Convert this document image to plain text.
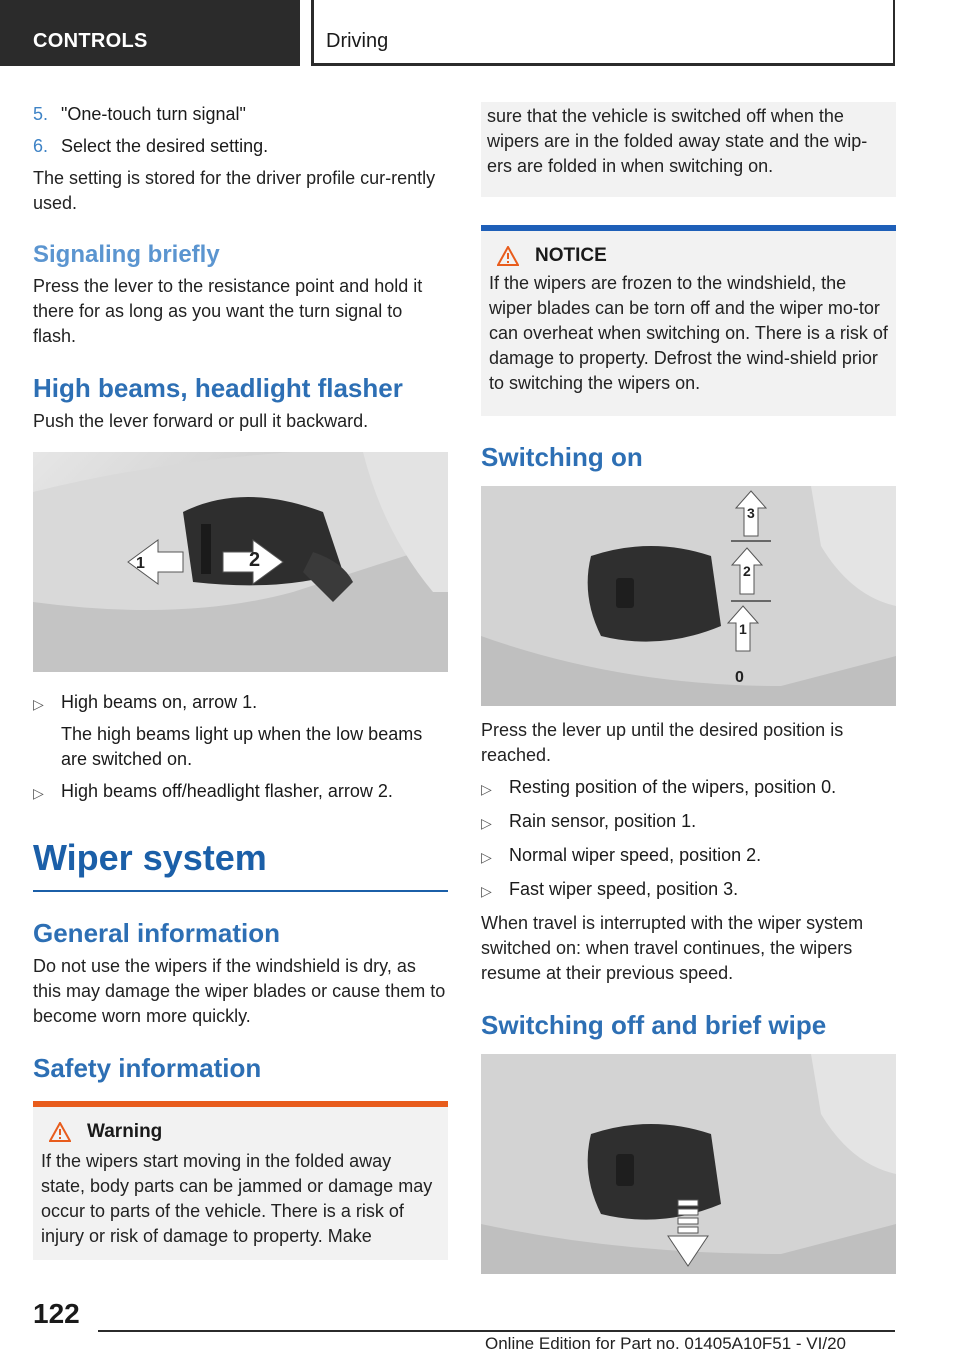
CONTROLS	Driving
5. "One-touch turn signal"
6. Select the desired setting.

The setting is stored for the driver profile cur-rently used.

Signaling briefly

Press the lever to the resistance point and hold it there for as long as you want the turn signal to flash.

High beams, headlight flasher

Push the lever forward or pull it backward.

1	2
▷ High beams on, arrow 1.
The high beams light up when the low beams are switched on.
▷ High beams off/headlight flasher, arrow 2.
Wiper system
General information

Do not use the wipers if the windshield is dry, as this may damage the wiper blades or cause them to become worn more quickly.

Safety information
Warning

If the wipers start moving in the folded away state, body parts can be jammed or damage may occur to parts of the vehicle. There is a risk of injury or risk of damage to property. Make

sure that the vehicle is switched off when the wipers are in the folded away state and the wip-ers are folded in when switching on.

NOTICE

If the wipers are frozen to the windshield, the wiper blades can be torn off and the wiper mo-tor can overheat when switching on. There is a risk of damage to property. Defrost the wind-shield prior to switching the wipers on.

Switching on
3
2
1
0

Press the lever up until the desired position is reached.

▷ Resting position of the wipers, position 0.
▷ Rain sensor, position 1.
▷ Normal wiper speed, position 2.
▷ Fast wiper speed, position 3.

When travel is interrupted with the wiper system switched on: when travel continues, the wipers resume at their previous speed.

Switching off and brief wipe
122
Online Edition for Part no. 01405A10F51 - VI/20
